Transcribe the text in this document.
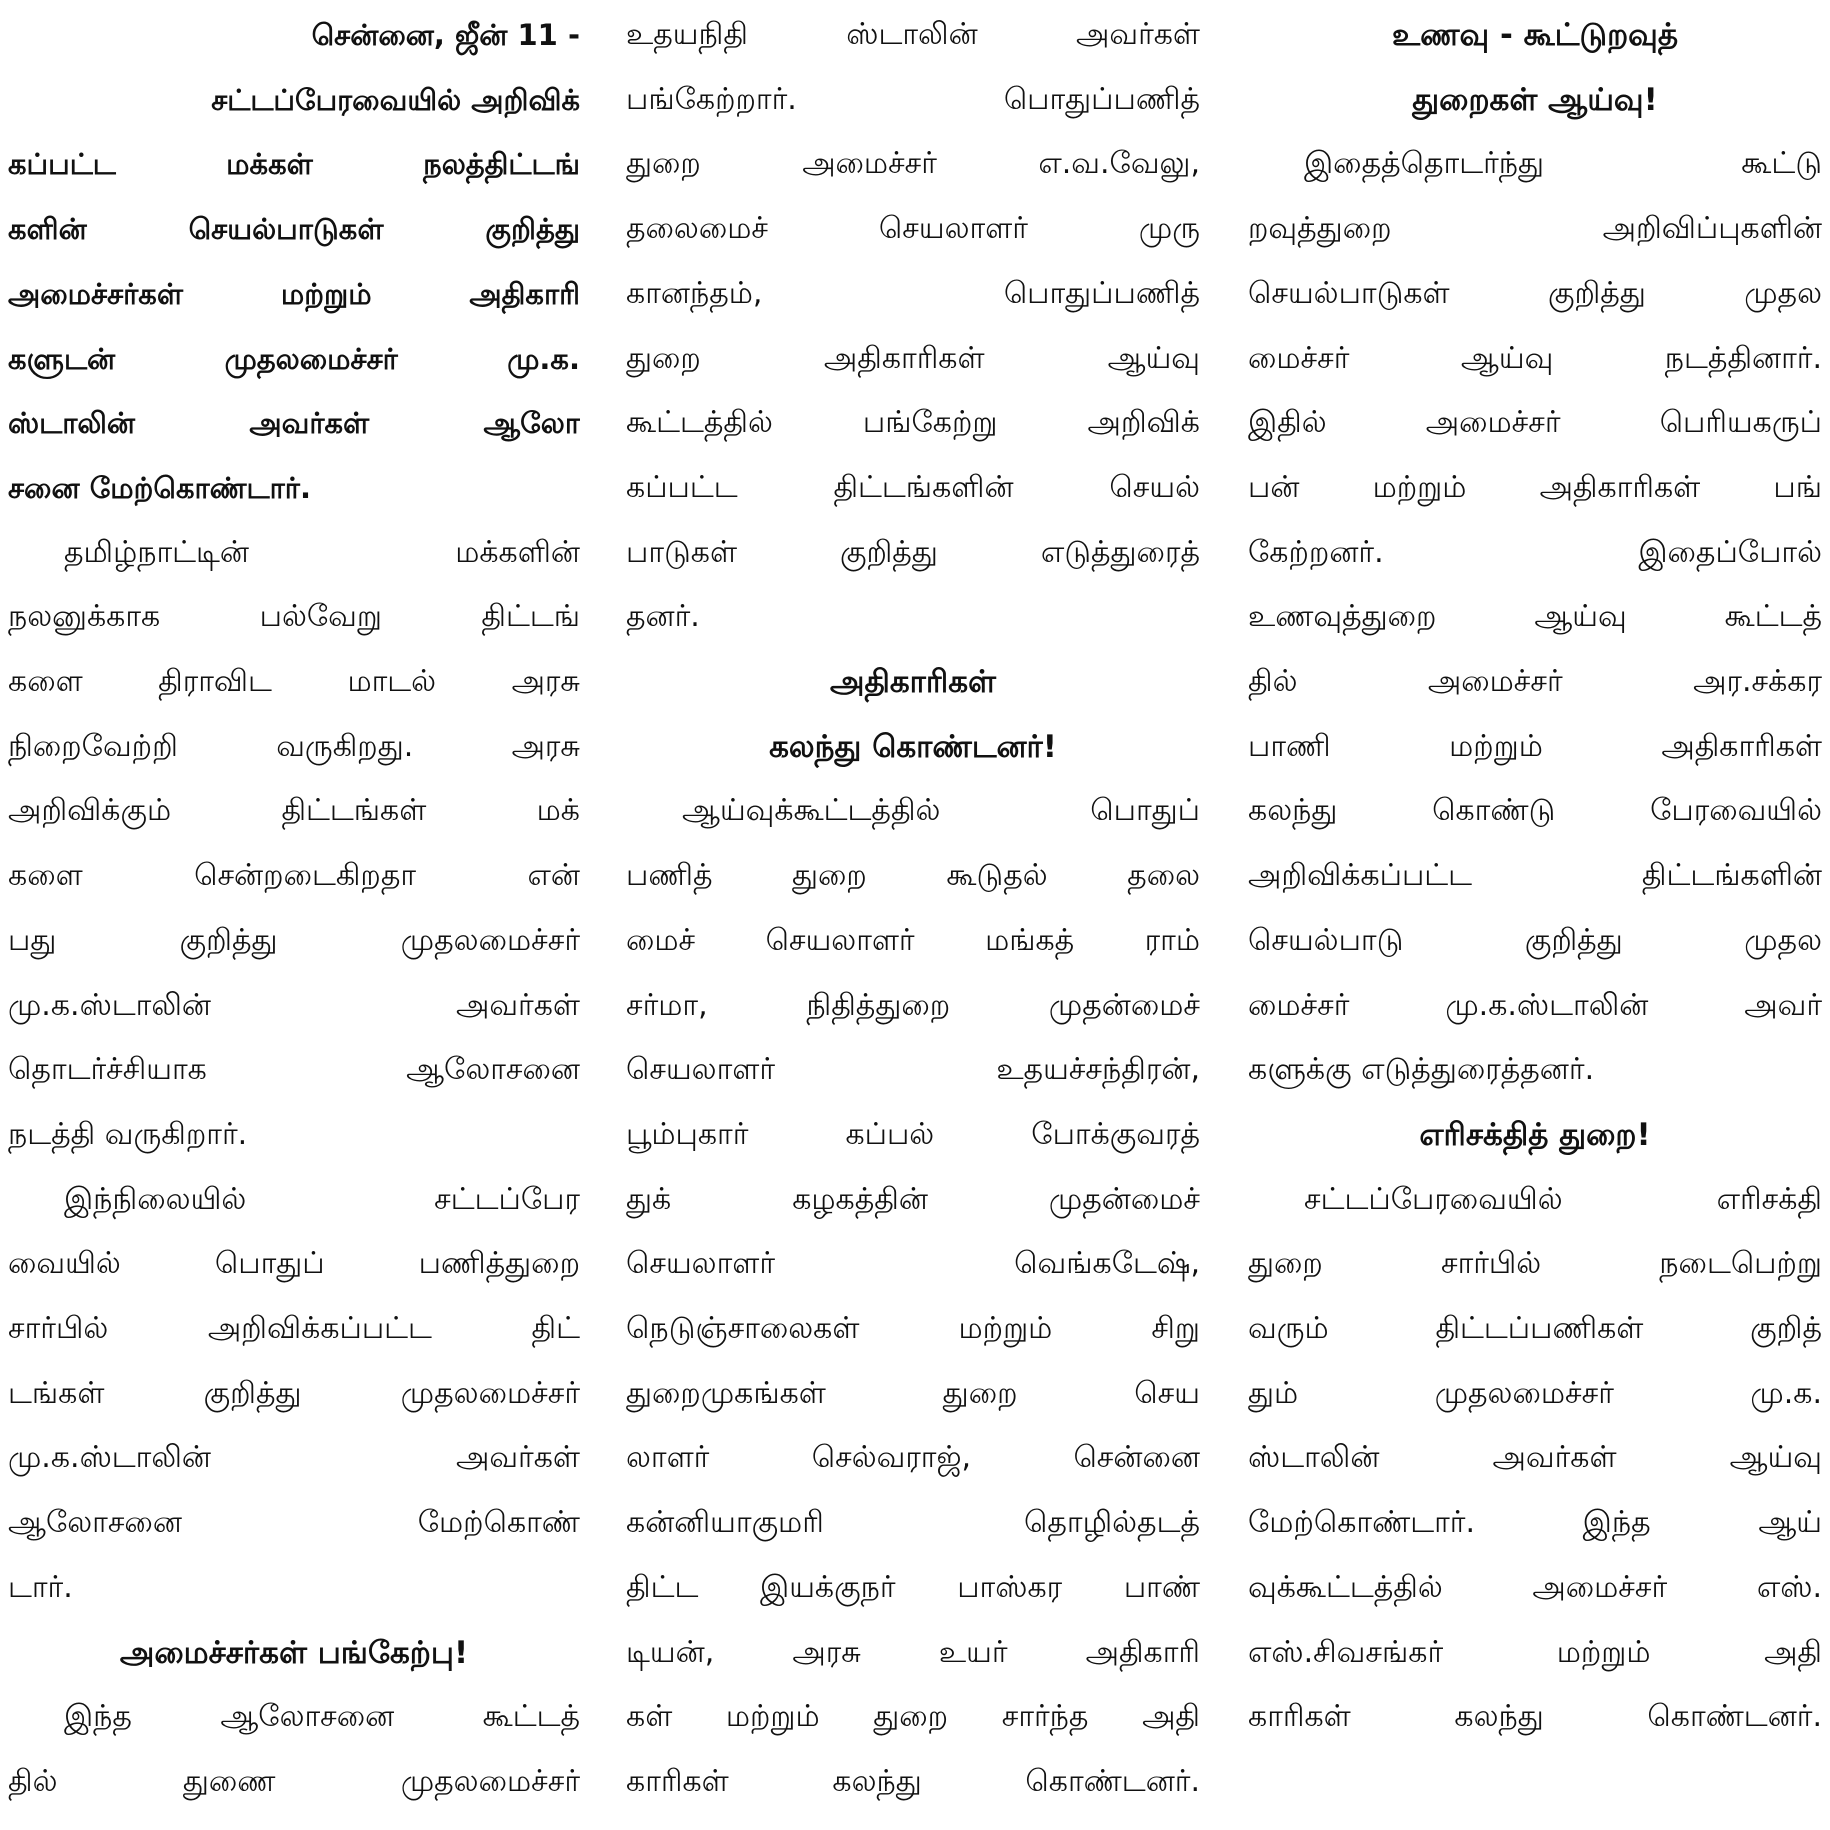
சென்னை, ஜீன் 11 -
சட்டப்பேரவையில் அறிவிக்
கப்பட்ட மக்கள் நலத்திட்டங்
களின் செயல்பாடுகள் குறித்து
அமைச்சர்கள் மற்றும் அதிகாரி
களுடன் முதலமைச்சர் மு.க.
ஸ்டாலின் அவர்கள் ஆலோ
சனை மேற்கொண்டார்.
தமிழ்நாட்டின் மக்களின்
நலனுக்காக பல்வேறு திட்டங்
களை திராவிட மாடல் அரசு
நிறைவேற்றி வருகிறது. அரசு
அறிவிக்கும் திட்டங்கள் மக்
களை சென்றடைகிறதா என்
பது குறித்து முதலமைச்சர்
மு.க.ஸ்டாலின் அவர்கள்
தொடர்ச்சியாக ஆலோசனை
நடத்தி வருகிறார்.
இந்நிலையில் சட்டப்பேர
வையில் பொதுப் பணித்துறை
சார்பில் அறிவிக்கப்பட்ட திட்
டங்கள் குறித்து முதலமைச்சர்
மு.க.ஸ்டாலின் அவர்கள்
ஆலோசனை மேற்கொண்
டார்.
அமைச்சர்கள் பங்கேற்பு!
இந்த ஆலோசனை கூட்டத்
தில் துணை முதலமைச்சர்
உதயநிதி ஸ்டாலின் அவர்கள்
பங்கேற்றார். பொதுப்பணித்
துறை அமைச்சர் எ.வ.வேலு,
தலைமைச் செயலாளர் முரு
கானந்தம், பொதுப்பணித்
துறை அதிகாரிகள் ஆய்வு
கூட்டத்தில் பங்கேற்று அறிவிக்
கப்பட்ட திட்டங்களின் செயல்
பாடுகள் குறித்து எடுத்துரைத்
தனர்.
அதிகாரிகள்
கலந்து கொண்டனர்!
ஆய்வுக்கூட்டத்தில் பொதுப்
பணித் துறை கூடுதல் தலை
மைச் செயலாளர் மங்கத் ராம்
சர்மா, நிதித்துறை முதன்மைச்
செயலாளர் உதயச்சந்திரன்,
பூம்புகார் கப்பல் போக்குவரத்
துக் கழகத்தின் முதன்மைச்
செயலாளர் வெங்கடேஷ்,
நெடுஞ்சாலைகள் மற்றும் சிறு
துறைமுகங்கள் துறை செய
லாளர் செல்வராஜ், சென்னை
கன்னியாகுமரி தொழில்தடத்
திட்ட இயக்குநர் பாஸ்கர பாண்
டியன், அரசு உயர் அதிகாரி
கள் மற்றும் துறை சார்ந்த அதி
காரிகள் கலந்து கொண்டனர்.
உணவு - கூட்டுறவுத்
துறைகள் ஆய்வு!
இதைத்தொடர்ந்து கூட்டு
றவுத்துறை அறிவிப்புகளின்
செயல்பாடுகள் குறித்து முதல
மைச்சர் ஆய்வு நடத்தினார்.
இதில் அமைச்சர் பெரியகருப்
பன் மற்றும் அதிகாரிகள் பங்
கேற்றனர். இதைப்போல்
உணவுத்துறை ஆய்வு கூட்டத்
தில் அமைச்சர் அர.சக்கர
பாணி மற்றும் அதிகாரிகள்
கலந்து கொண்டு பேரவையில்
அறிவிக்கப்பட்ட திட்டங்களின்
செயல்பாடு குறித்து முதல
மைச்சர் மு.க.ஸ்டாலின் அவர்
களுக்கு எடுத்துரைத்தனர்.
எரிசக்தித் துறை!
சட்டப்பேரவையில் எரிசக்தி
துறை சார்பில் நடைபெற்று
வரும் திட்டப்பணிகள் குறித்
தும் முதலமைச்சர் மு.க.
ஸ்டாலின் அவர்கள் ஆய்வு
மேற்கொண்டார். இந்த ஆய்
வுக்கூட்டத்தில் அமைச்சர் எஸ்.
எஸ்.சிவசங்கர் மற்றும் அதி
காரிகள் கலந்து கொண்டனர்.
